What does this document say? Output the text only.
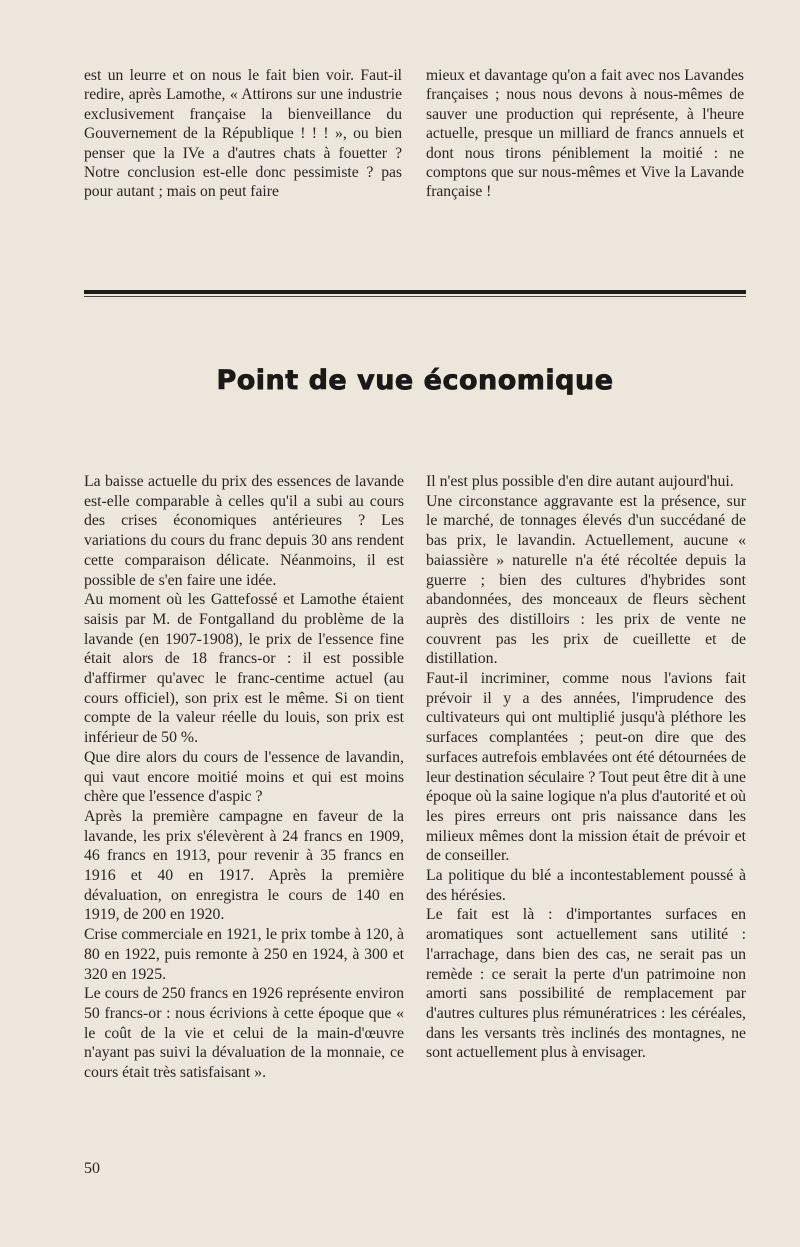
est un leurre et on nous le fait bien voir. Faut-il redire, après Lamothe, « Attirons sur une industrie exclusivement française la bienveillance du Gouvernement de la République ! ! ! », ou bien penser que la IVe a d'autres chats à fouetter ? Notre conclusion est-elle donc pessimiste ? pas pour autant ; mais on peut faire

mieux et davantage qu'on a fait avec nos Lavandes françaises ; nous nous devons à nous-mêmes de sauver une production qui représente, à l'heure actuelle, presque un milliard de francs annuels et dont nous tirons péniblement la moitié : ne comptons que sur nous-mêmes et Vive la Lavande française !

Point de vue économique

La baisse actuelle du prix des essences de lavande est-elle comparable à celles qu'il a subi au cours des crises économiques antérieures ? Les variations du cours du franc depuis 30 ans rendent cette comparaison délicate. Néanmoins, il est possible de s'en faire une idée.

Au moment où les Gattefossé et Lamothe étaient saisis par M. de Fontgalland du problème de la lavande (en 1907-1908), le prix de l'essence fine était alors de 18 francs-or : il est possible d'affirmer qu'avec le franc-centime actuel (au cours officiel), son prix est le même. Si on tient compte de la valeur réelle du louis, son prix est inférieur de 50 %.

Que dire alors du cours de l'essence de lavandin, qui vaut encore moitié moins et qui est moins chère que l'essence d'aspic ?

Après la première campagne en faveur de la lavande, les prix s'élevèrent à 24 francs en 1909, 46 francs en 1913, pour revenir à 35 francs en 1916 et 40 en 1917. Après la première dévaluation, on enregistra le cours de 140 en 1919, de 200 en 1920.

Crise commerciale en 1921, le prix tombe à 120, à 80 en 1922, puis remonte à 250 en 1924, à 300 et 320 en 1925.

Le cours de 250 francs en 1926 représente environ 50 francs-or : nous écrivions à cette époque que « le coût de la vie et celui de la main-d'œuvre n'ayant pas suivi la dévaluation de la monnaie, ce cours était très satisfaisant ».

Il n'est plus possible d'en dire autant aujourd'hui.

Une circonstance aggravante est la présence, sur le marché, de tonnages élevés d'un succédané de bas prix, le lavandin. Actuellement, aucune « baiassière » naturelle n'a été récoltée depuis la guerre ; bien des cultures d'hybrides sont abandonnées, des monceaux de fleurs sèchent auprès des distilloirs : les prix de vente ne couvrent pas les prix de cueillette et de distillation.

Faut-il incriminer, comme nous l'avions fait prévoir il y a des années, l'imprudence des cultivateurs qui ont multiplié jusqu'à pléthore les surfaces complantées ; peut-on dire que des surfaces autrefois emblavées ont été détournées de leur destination séculaire ? Tout peut être dit à une époque où la saine logique n'a plus d'autorité et où les pires erreurs ont pris naissance dans les milieux mêmes dont la mission était de prévoir et de conseiller.

La politique du blé a incontestablement poussé à des hérésies.

Le fait est là : d'importantes surfaces en aromatiques sont actuellement sans utilité : l'arrachage, dans bien des cas, ne serait pas un remède : ce serait la perte d'un patrimoine non amorti sans possibilité de remplacement par d'autres cultures plus rémunératrices : les céréales, dans les versants très inclinés des montagnes, ne sont actuellement plus à envisager.

50
